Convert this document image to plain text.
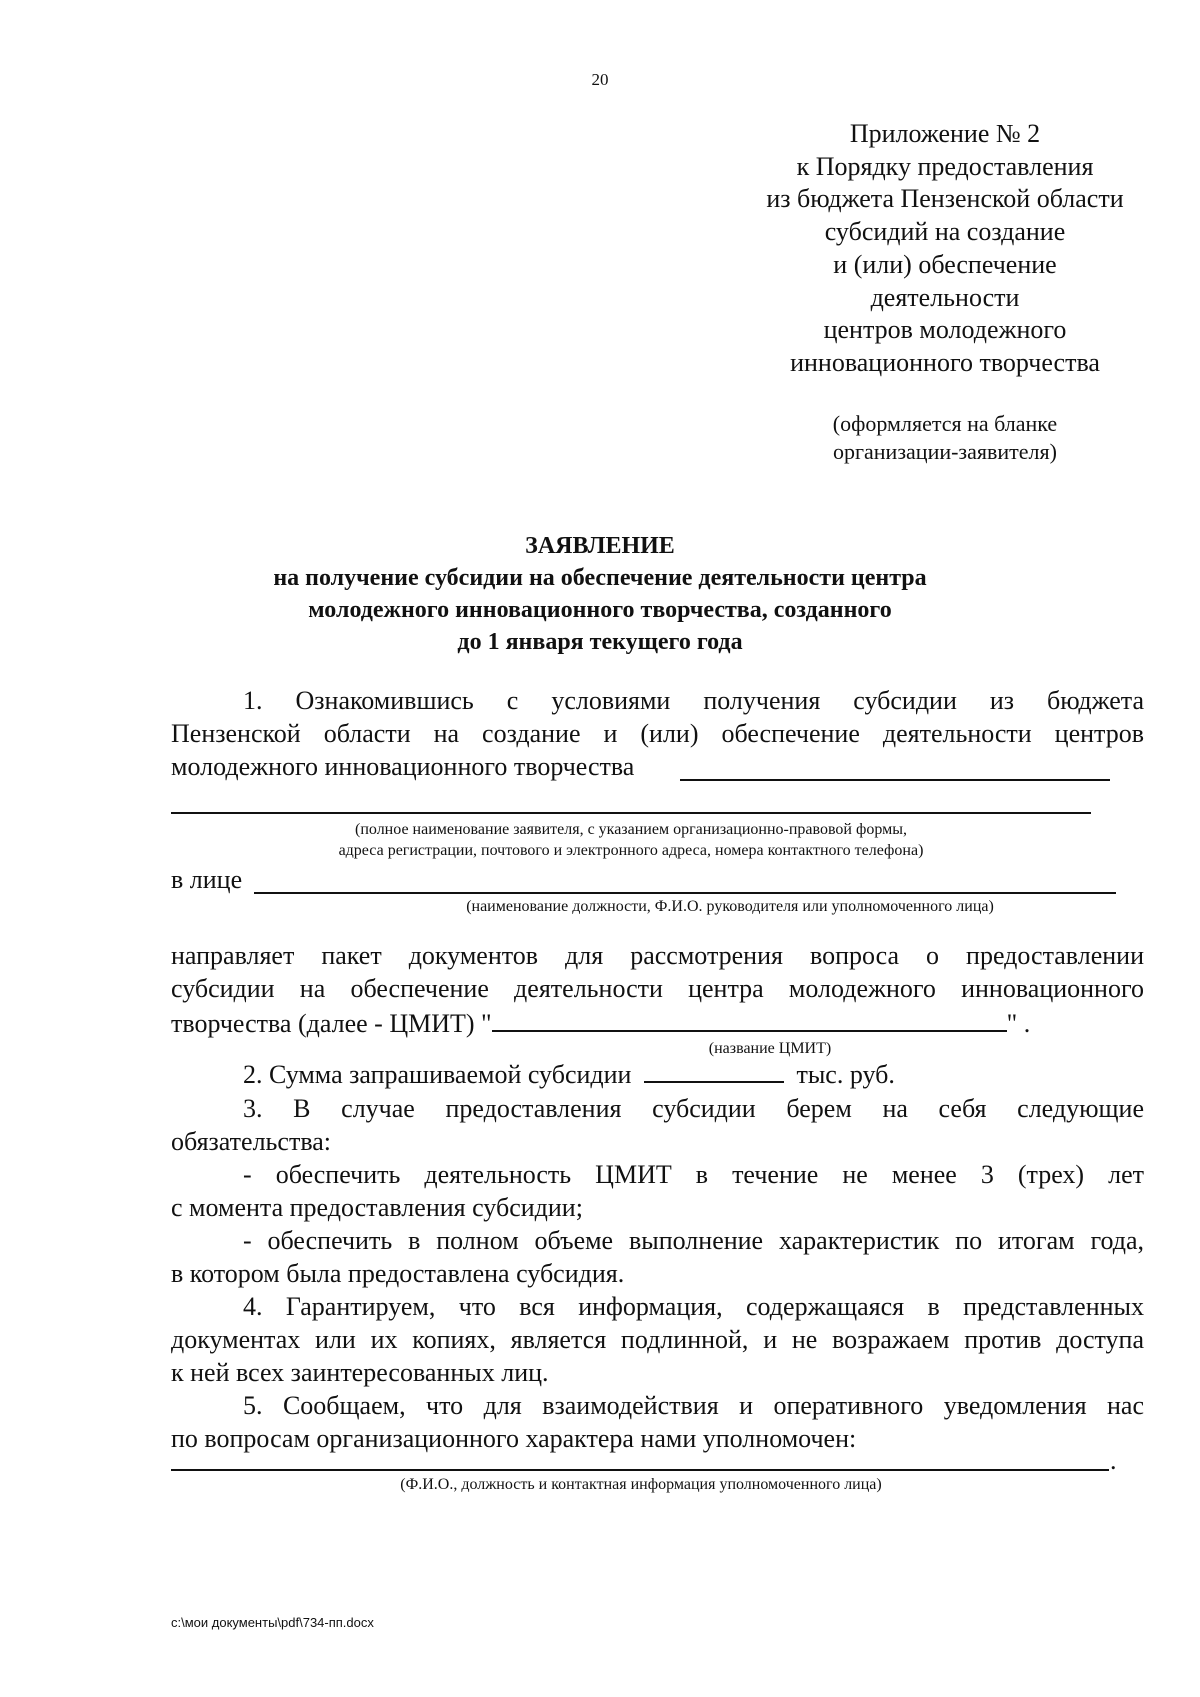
20
Приложение № 2
к Порядку предоставления
из бюджета Пензенской области
субсидий на создание
и (или) обеспечение
деятельности
центров молодежного
инновационного творчества
(оформляется на бланке
организации-заявителя)
ЗАЯВЛЕНИЕ
на получение субсидии на обеспечение деятельности центра
молодежного инновационного творчества, созданного
до 1 января текущего года
1. Ознакомившись с условиями получения субсидии из бюджета
Пензенской области на создание и (или) обеспечение деятельности центров
молодежного инновационного творчества
(полное наименование заявителя, с указанием организационно-правовой формы,
адреса регистрации, почтового и электронного адреса, номера контактного телефона)
в лице
(наименование должности, Ф.И.О. руководителя или уполномоченного лица)
направляет пакет документов для рассмотрения вопроса о предоставлении
субсидии на обеспечение деятельности центра молодежного инновационного
творчества (далее - ЦМИТ) "	" .
(название ЦМИТ)
2. Сумма запрашиваемой субсидии	тыс. руб.
3. В случае предоставления субсидии берем на себя следующие
обязательства:
- обеспечить деятельность ЦМИТ в течение не менее 3 (трех) лет
с момента предоставления субсидии;
- обеспечить в полном объеме выполнение характеристик по итогам года,
в котором была предоставлена субсидия.
4. Гарантируем, что вся информация, содержащаяся в представленных
документах или их копиях, является подлинной, и не возражаем против доступа
к ней всех заинтересованных лиц.
5. Сообщаем, что для взаимодействия и оперативного уведомления нас
по вопросам организационного характера нами уполномочен:
.
(Ф.И.О., должность и контактная информация уполномоченного лица)
c:\мои документы\pdf\734-пп.docx
